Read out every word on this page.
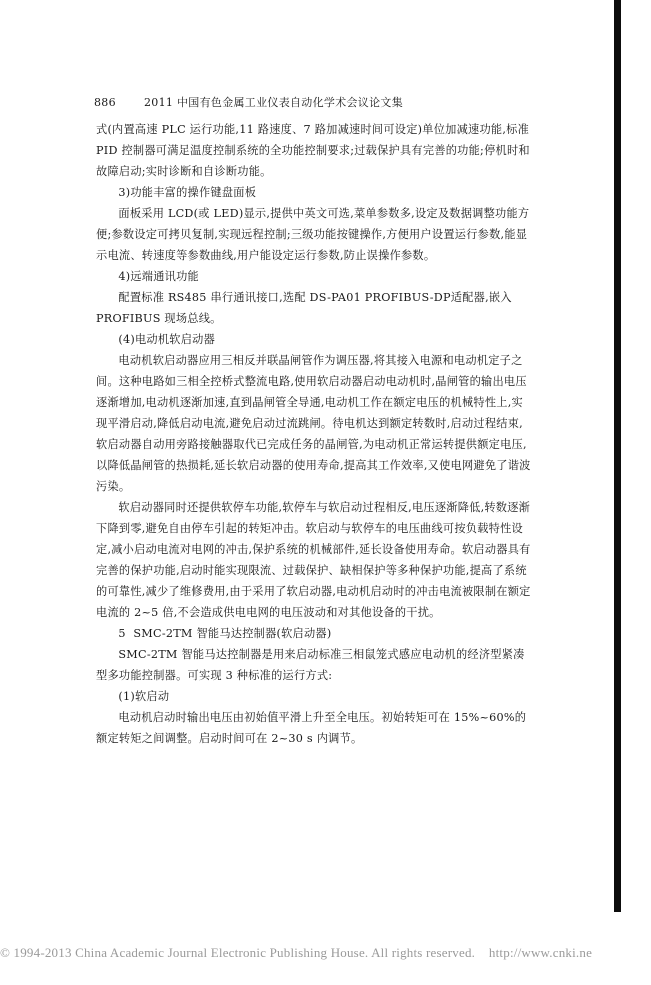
886	2011 中国有色金属工业仪表自动化学术会议论文集

式(内置高速 PLC 运行功能,11 路速度、7 路加减速时间可设定)单位加减速功能,标准 PID 控制器可满足温度控制系统的全功能控制要求;过载保护具有完善的功能;停机时和故障启动;实时诊断和自诊断功能。

3)功能丰富的操作键盘面板

面板采用 LCD(或 LED)显示,提供中英文可选,菜单参数多,设定及数据调整功能方便;参数设定可拷贝复制,实现远程控制;三级功能按键操作,方便用户设置运行参数,能显示电流、转速度等参数曲线,用户能设定运行参数,防止误操作参数。

4)远端通讯功能

配置标准 RS485 串行通讯接口,选配 DS-PA01 PROFIBUS-DP适配器,嵌入 PROFIBUS 现场总线。

(4)电动机软启动器

电动机软启动器应用三相反并联晶闸管作为调压器,将其接入电源和电动机定子之间。这种电路如三相全控桥式整流电路,使用软启动器启动电动机时,晶闸管的输出电压逐渐增加,电动机逐渐加速,直到晶闸管全导通,电动机工作在额定电压的机械特性上,实现平滑启动,降低启动电流,避免启动过流跳闸。待电机达到额定转数时,启动过程结束,软启动器自动用旁路接触器取代已完成任务的晶闸管,为电动机正常运转提供额定电压,以降低晶闸管的热损耗,延长软启动器的使用寿命,提高其工作效率,又使电网避免了谐波污染。

软启动器同时还提供软停车功能,软停车与软启动过程相反,电压逐渐降低,转数逐渐下降到零,避免自由停车引起的转矩冲击。软启动与软停车的电压曲线可按负载特性设定,减小启动电流对电网的冲击,保护系统的机械部件,延长设备使用寿命。软启动器具有完善的保护功能,启动时能实现限流、过载保护、缺相保护等多种保护功能,提高了系统的可靠性,减少了维修费用,由于采用了软启动器,电动机启动时的冲击电流被限制在额定电流的 2~5 倍,不会造成供电电网的电压波动和对其他设备的干扰。

5 SMC-2TM 智能马达控制器(软启动器)

SMC-2TM 智能马达控制器是用来启动标准三相鼠笼式感应电动机的经济型紧凑型多功能控制器。可实现 3 种标准的运行方式:

(1)软启动

电动机启动时输出电压由初始值平滑上升至全电压。初始转矩可在 15%~60%的额定转矩之间调整。启动时间可在 2~30 s 内调节。

© 1994-2013 China Academic Journal Electronic Publishing House. All rights reserved. http://www.cnki.ne
